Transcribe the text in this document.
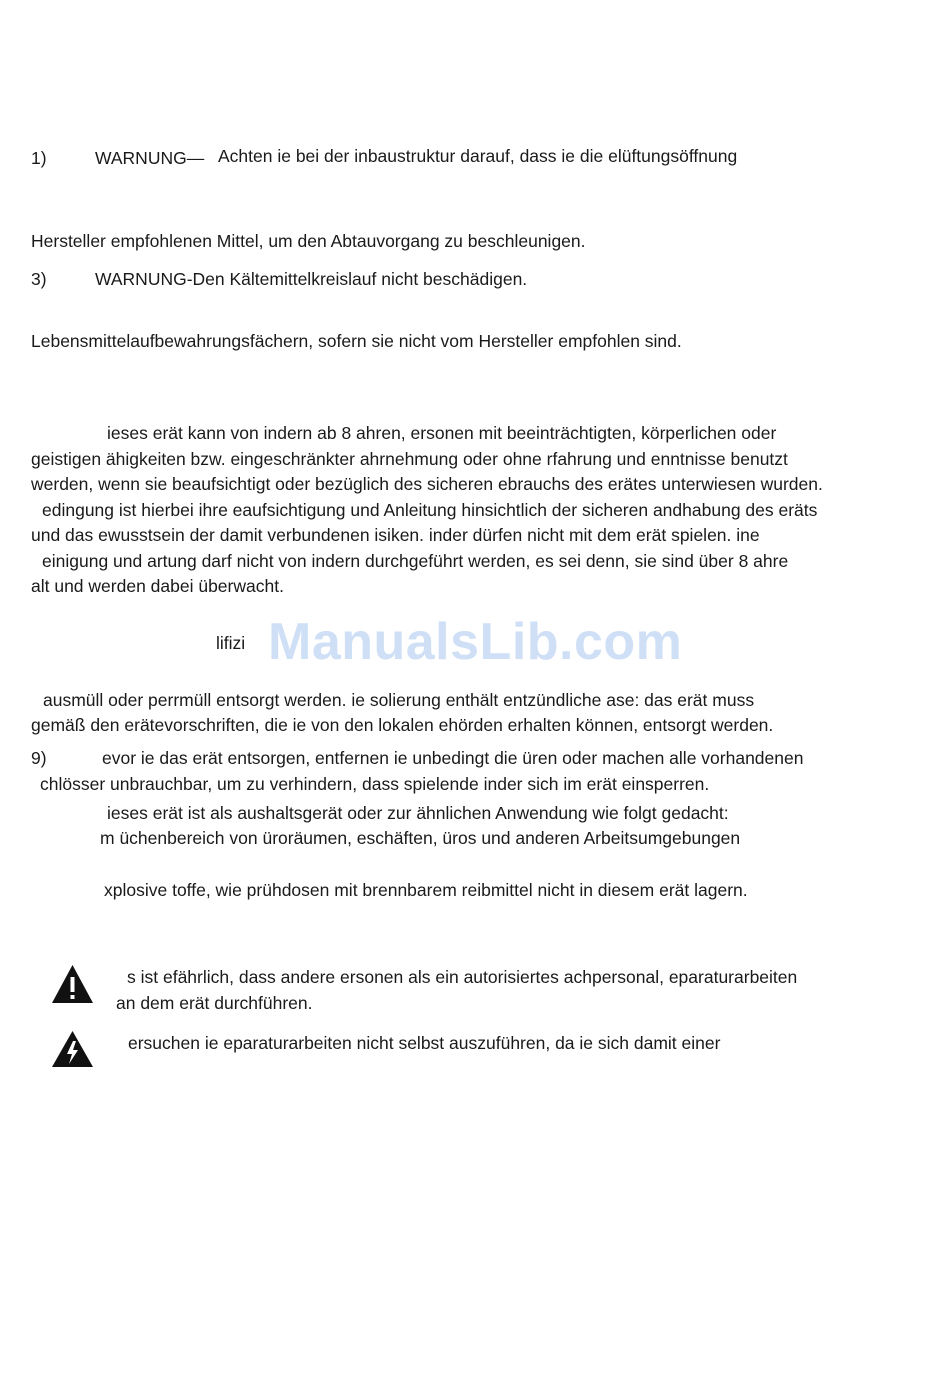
1)	WARNUNG— Achten ie bei der inbaustruktur darauf, dass ie die elüftungsöffnung
Hersteller empfohlenen Mittel, um den Abtauvorgang zu beschleunigen.
3)	WARNUNG-Den Kältemittelkreislauf nicht beschädigen.
Lebensmittelaufbewahrungsfächern, sofern sie nicht vom Hersteller empfohlen sind.
ieses erät kann von indern ab 8 ahren, ersonen mit beeinträchtigten, körperlichen oder
geistigen ähigkeiten bzw. eingeschränkter ahrnehmung oder ohne rfahrung und enntnisse benutzt
werden, wenn sie beaufsichtigt oder bezüglich des sicheren ebrauchs des erätes unterwiesen wurden.
edingung ist hierbei ihre eaufsichtigung und Anleitung hinsichtlich der sicheren andhabung des eräts
und das ewusstsein der damit verbundenen isiken. inder dürfen nicht mit dem erät spielen. ine
einigung und artung darf nicht von indern durchgeführt werden, es sei denn, sie sind über 8 ahre
alt und werden dabei überwacht.
lifizi ManualsLib.com
ausmüll oder perrmüll entsorgt werden. ie solierung enthält entzündliche ase: das erät muss
gemäß den erätevorschriften, die ie von den lokalen ehörden erhalten können, entsorgt werden.
9)	evor ie das erät entsorgen, entfernen ie unbedingt die üren oder machen alle vorhandenen
chlösser unbrauchbar, um zu verhindern, dass spielende inder sich im erät einsperren.
ieses erät ist als aushaltsgerät oder zur ähnlichen Anwendung wie folgt gedacht:
m üchenbereich von üroräumen, eschäften, üros und anderen Arbeitsumgebungen
xplosive toffe, wie prühdosen mit brennbarem reibmittel nicht in diesem erät lagern.
s ist efährlich, dass andere ersonen als ein autorisiertes achpersonal, eparaturarbeiten
an dem erät durchführen.
ersuchen ie eparaturarbeiten nicht selbst auszuführen, da ie sich damit einer
